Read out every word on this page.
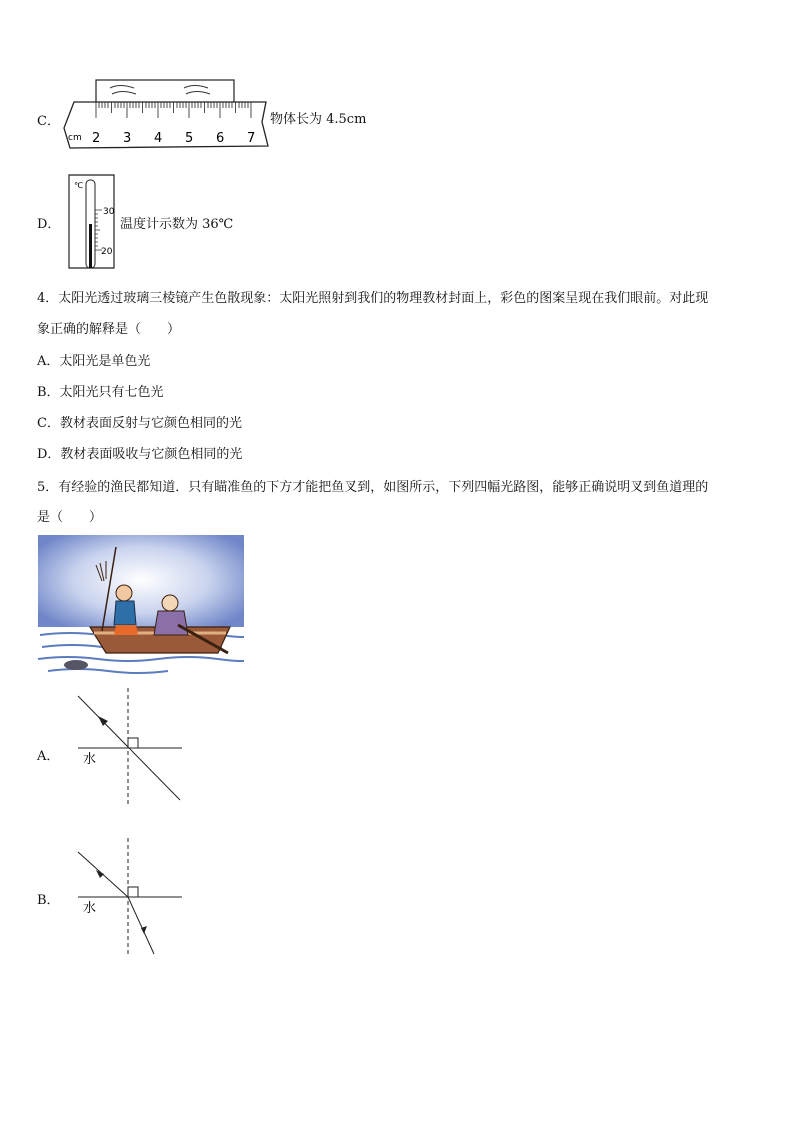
C．
cm 2 3 4 5 6 7
物体长为 4.5cm
D．
℃
30
20
温度计示数为 36℃
4．太阳光透过玻璃三棱镜产生色散现象：太阳光照射到我们的物理教材封面上，彩色的图案呈现在我们眼前。对此现
象正确的解释是（　　）
A．太阳光是单色光
B．太阳光只有七色光
C．教材表面反射与它颜色相同的光
D．教材表面吸收与它颜色相同的光
5．有经验的渔民都知道．只有瞄准鱼的下方才能把鱼叉到，如图所示，下列四幅光路图，能够正确说明叉到鱼道理的
是（　　）
A． 水
B．
水
